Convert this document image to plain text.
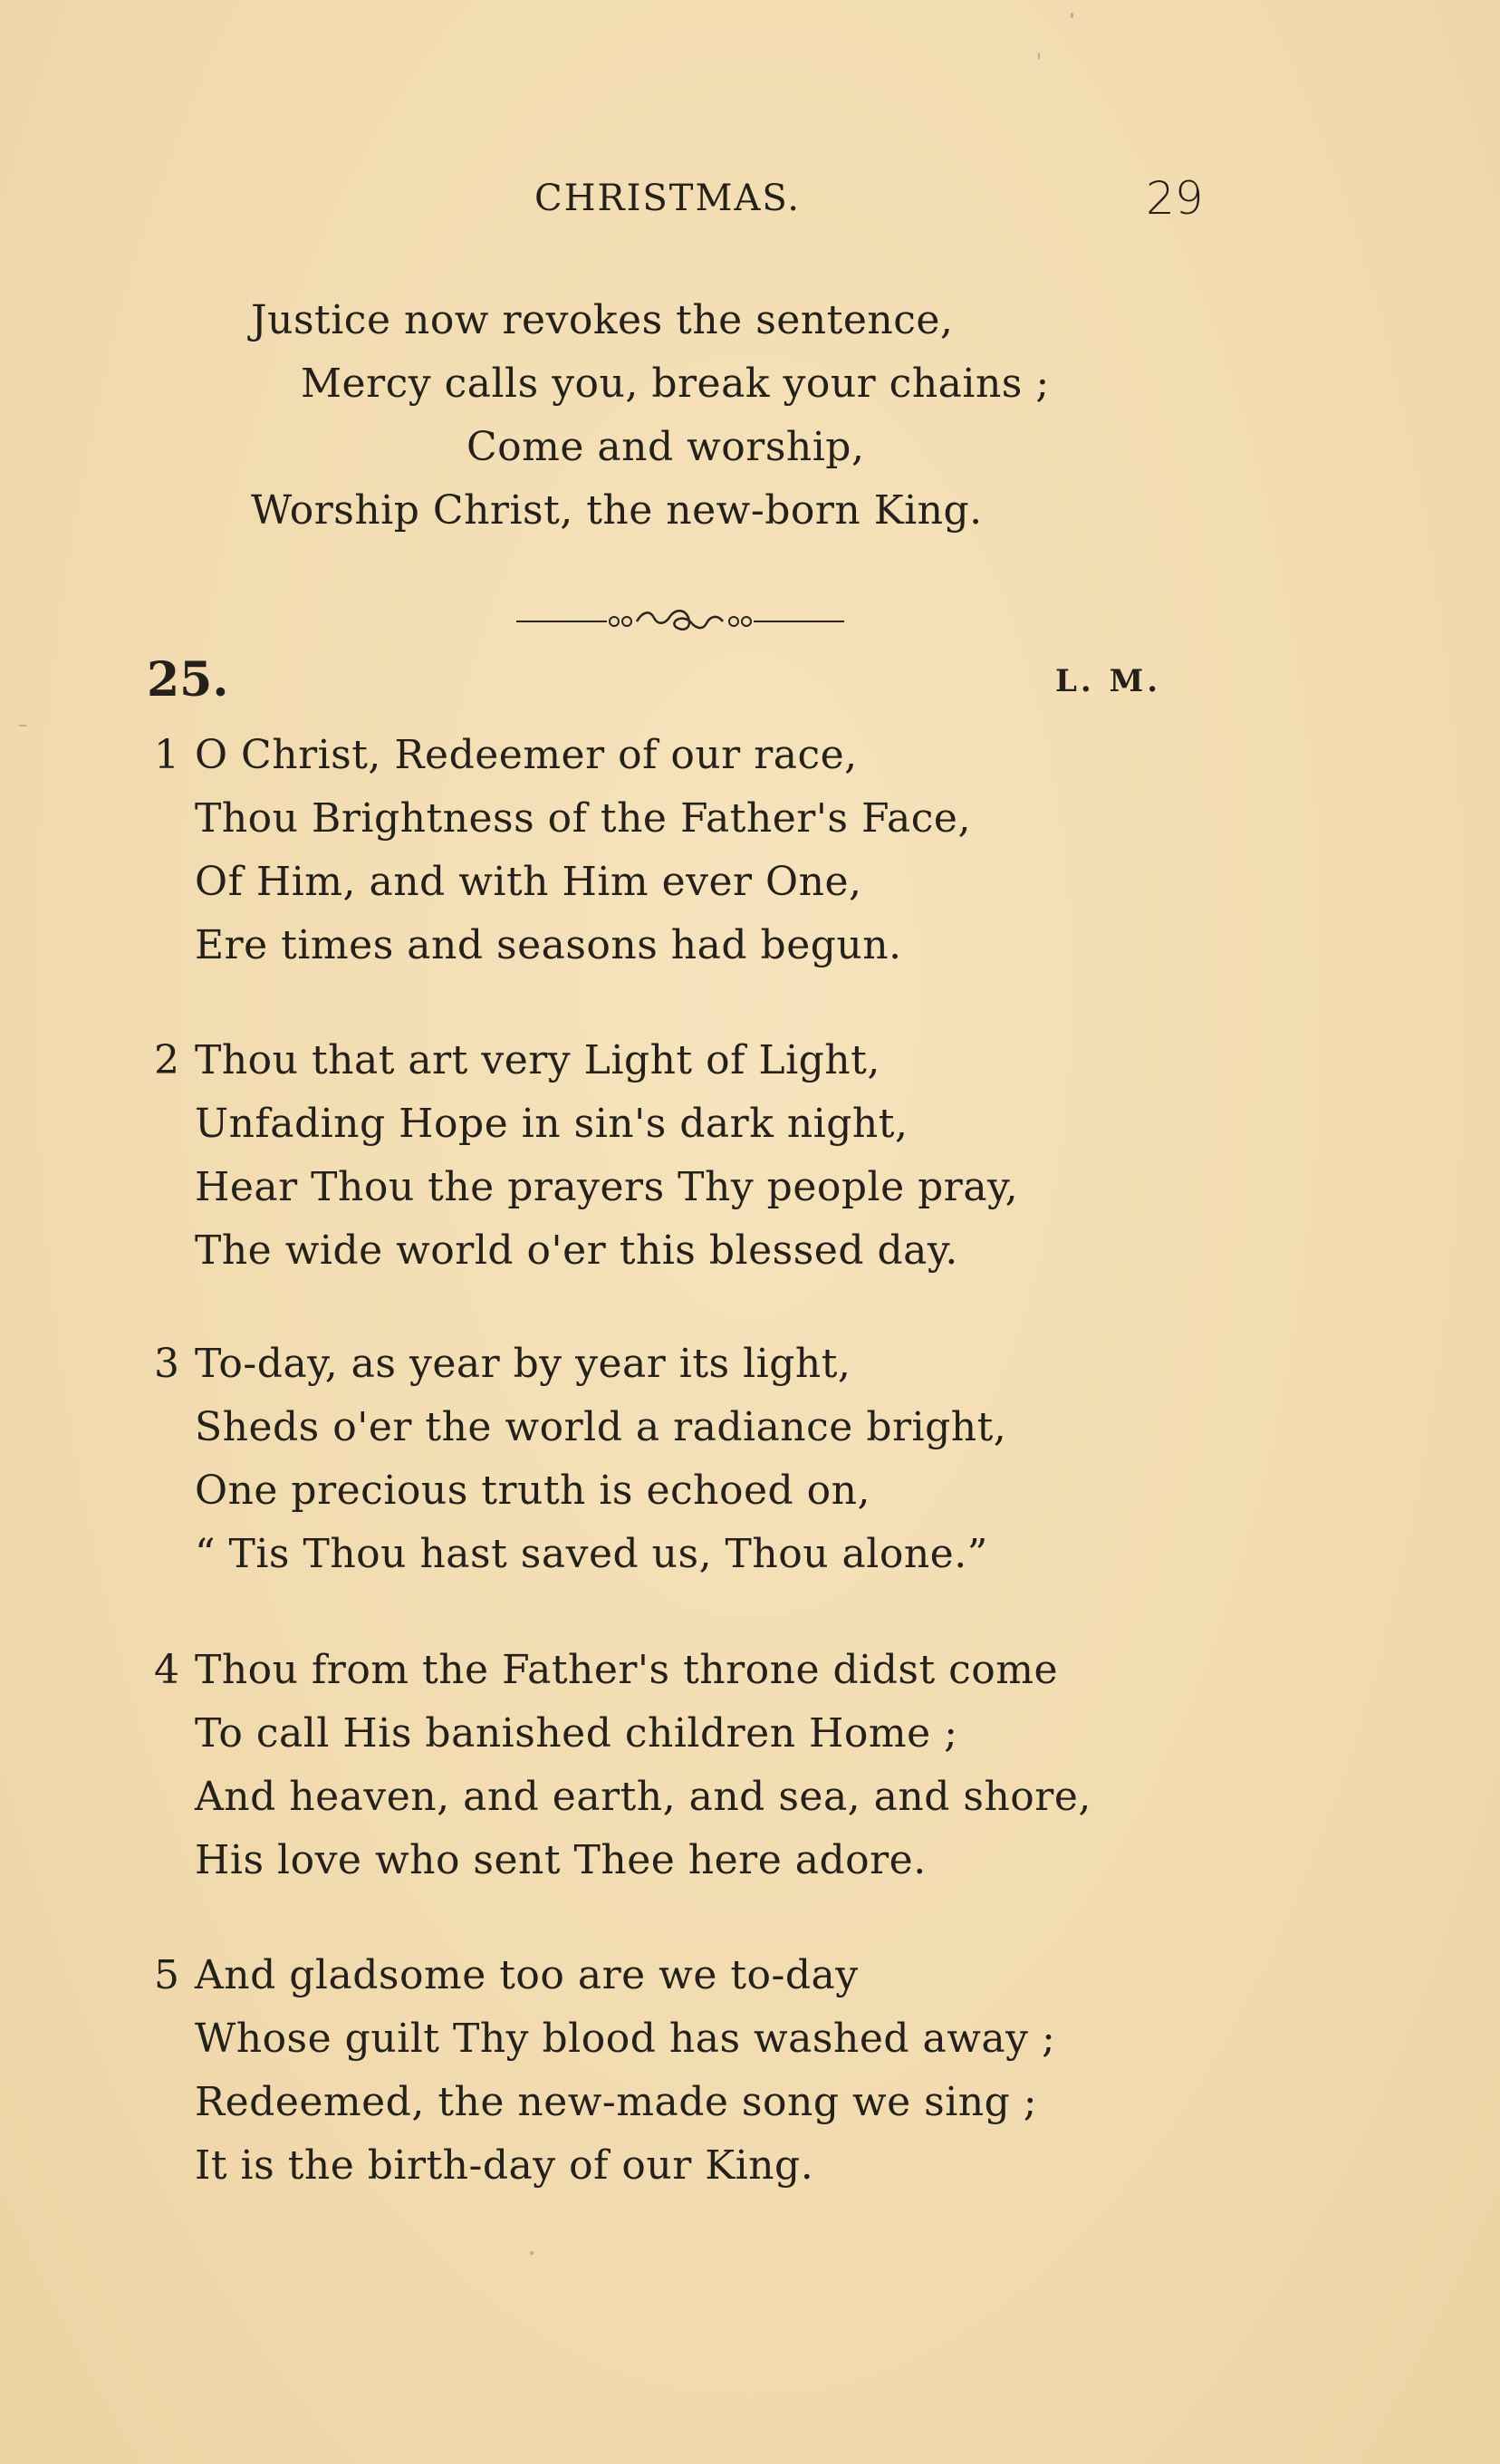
CHRISTMAS.	29
Justice now revokes the sentence,
Mercy calls you, break your chains ;
Come and worship,
Worship Christ, the new-born King.
25.	L. M.
1 O Christ, Redeemer of our race,
Thou Brightness of the Father's Face,
Of Him, and with Him ever One,
Ere times and seasons had begun.
2 Thou that art very Light of Light,
Unfading Hope in sin's dark night,
Hear Thou the prayers Thy people pray,
The wide world o'er this blessed day.
3 To-day, as year by year its light,
Sheds o'er the world a radiance bright,
One precious truth is echoed on,
“ Tis Thou hast saved us, Thou alone.”
4 Thou from the Father's throne didst come
To call His banished children Home ;
And heaven, and earth, and sea, and shore,
His love who sent Thee here adore.
5 And gladsome too are we to-day
Whose guilt Thy blood has washed away ;
Redeemed, the new-made song we sing ;
It is the birth-day of our King.
